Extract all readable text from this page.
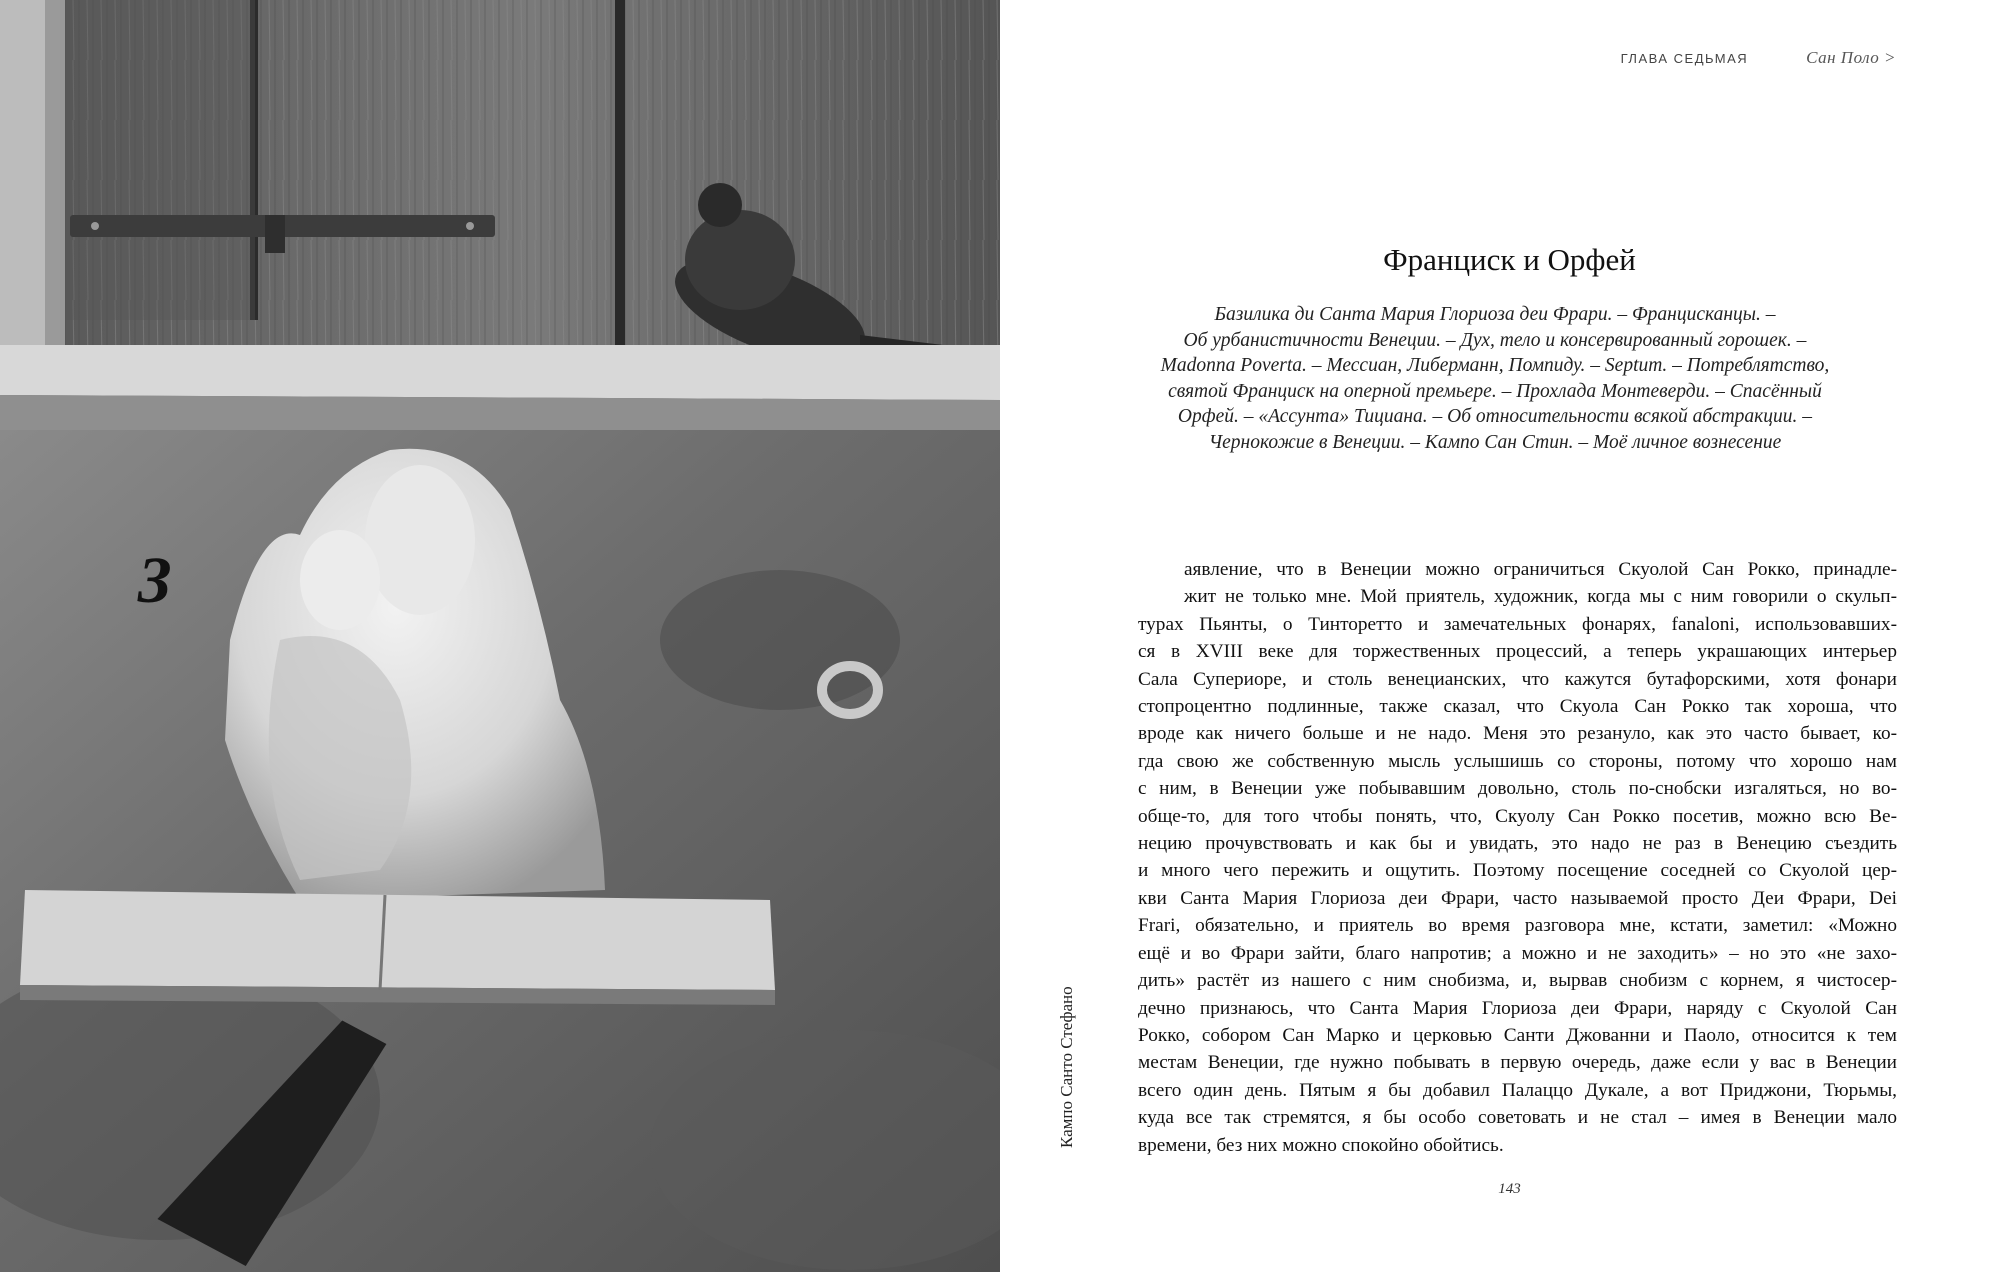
ГЛАВА СЕДЬМАЯ	Сан Поло >
Франциск и Орфей
Базилика ди Санта Мария Глориоза деи Фрари. – Францисканцы. –
Об урбанистичности Венеции. – Дух, тело и консервированный горошек. –
Madonna Poverta. – Мессиан, Либерманн, Помпиду. – Septum. – Потреблятство,
святой Франциск на оперной премьере. – Прохлада Монтеверди. – Спасённый
Орфей. – «Ассунта» Тициана. – Об относительности всякой абстракции. –
Чернокожие в Венеции. – Кампо Сан Стин. – Моё личное вознесение
З	аявление, что в Венеции можно ограничиться Скуолой Сан Рокко, принадле-
жит не только мне. Мой приятель, художник, когда мы с ним говорили о скульп-
турах Пьянты, о Тинторетто и замечательных фонарях, fanaloni, использовавших-
ся в XVIII веке для торжественных процессий, а теперь украшающих интерьер
Сала Супериоре, и столь венецианских, что кажутся бутафорскими, хотя фонари
стопроцентно подлинные, также сказал, что Скуола Сан Рокко так хороша, что
вроде как ничего больше и не надо. Меня это резануло, как это часто бывает, ко-
гда свою же собственную мысль услышишь со стороны, потому что хорошо нам
с ним, в Венеции уже побывавшим довольно, столь по-снобски изгаляться, но во-
обще-то, для того чтобы понять, что, Скуолу Сан Рокко посетив, можно всю Ве-
нецию прочувствовать и как бы и увидать, это надо не раз в Венецию съездить
и много чего пережить и ощутить. Поэтому посещение соседней со Скуолой цер-
кви Санта Мария Глориоза деи Фрари, часто называемой просто Деи Фрари, Dei
Frari, обязательно, и приятель во время разговора мне, кстати, заметил: «Можно
ещё и во Фрари зайти, благо напротив; а можно и не заходить» – но это «не захо-
дить» растёт из нашего с ним снобизма, и, вырвав снобизм с корнем, я чистосер-
дечно признаюсь, что Санта Мария Глориоза деи Фрари, наряду с Скуолой Сан
Рокко, собором Сан Марко и церковью Санти Джованни и Паоло, относится к тем
местам Венеции, где нужно побывать в первую очередь, даже если у вас в Венеции
всего один день. Пятым я бы добавил Палаццо Дукале, а вот Приджони, Тюрьмы,
куда все так стремятся, я бы особо советовать и не стал – имея в Венеции мало
времени, без них можно спокойно обойтись.
Кампо Санто Стефано
143
